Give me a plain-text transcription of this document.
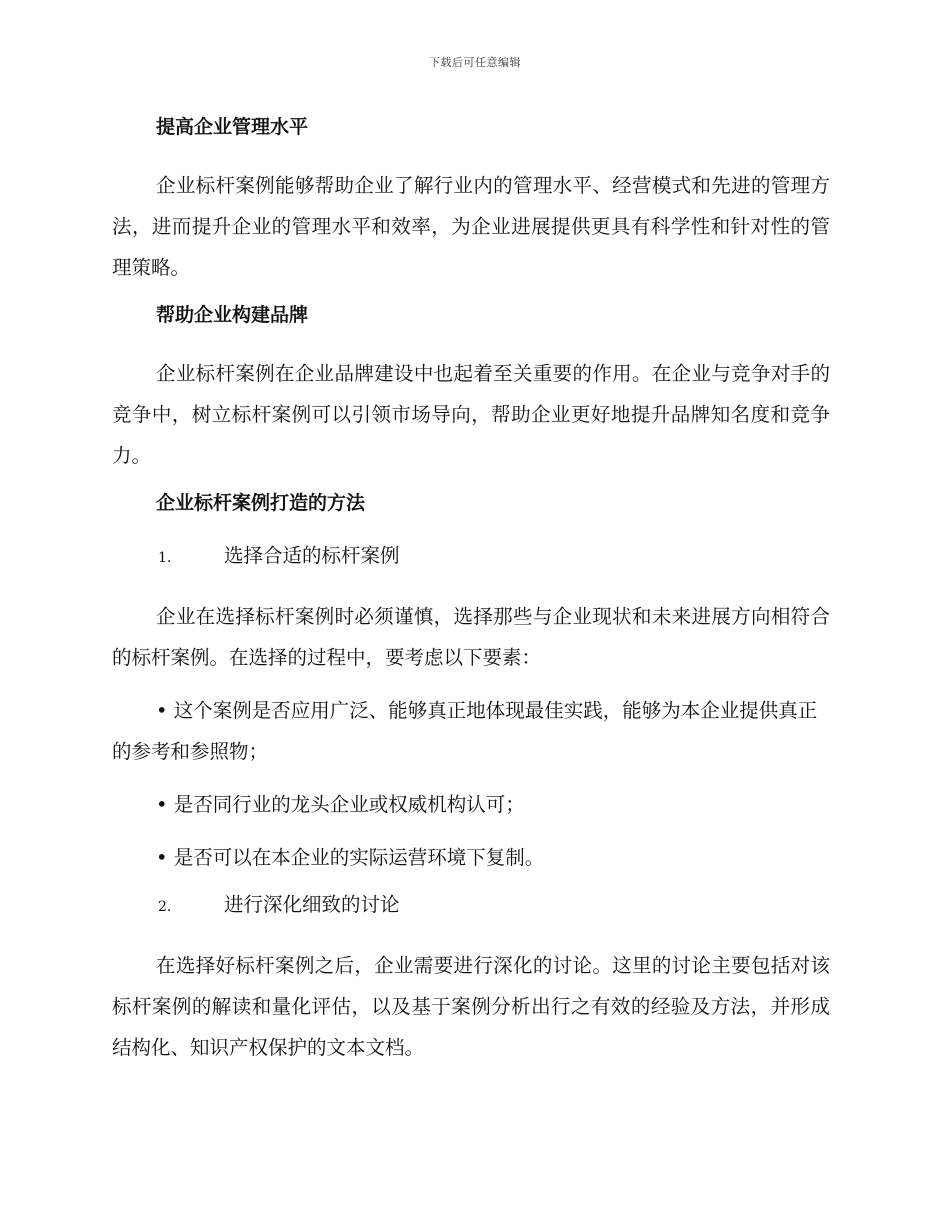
下载后可任意编辑

提高企业管理水平

企业标杆案例能够帮助企业了解行业内的管理水平、经营模式和先进的管理方法，进而提升企业的管理水平和效率，为企业进展提供更具有科学性和针对性的管理策略。

帮助企业构建品牌

企业标杆案例在企业品牌建设中也起着至关重要的作用。在企业与竞争对手的竞争中，树立标杆案例可以引领市场导向，帮助企业更好地提升品牌知名度和竞争力。

企业标杆案例打造的方法

1.	选择合适的标杆案例

企业在选择标杆案例时必须谨慎，选择那些与企业现状和未来进展方向相符合的标杆案例。在选择的过程中，要考虑以下要素：

• 这个案例是否应用广泛、能够真正地体现最佳实践，能够为本企业提供真正的参考和参照物；

• 是否同行业的龙头企业或权威机构认可；

• 是否可以在本企业的实际运营环境下复制。

2.	进行深化细致的讨论

在选择好标杆案例之后，企业需要进行深化的讨论。这里的讨论主要包括对该标杆案例的解读和量化评估，以及基于案例分析出行之有效的经验及方法，并形成结构化、知识产权保护的文本文档。
